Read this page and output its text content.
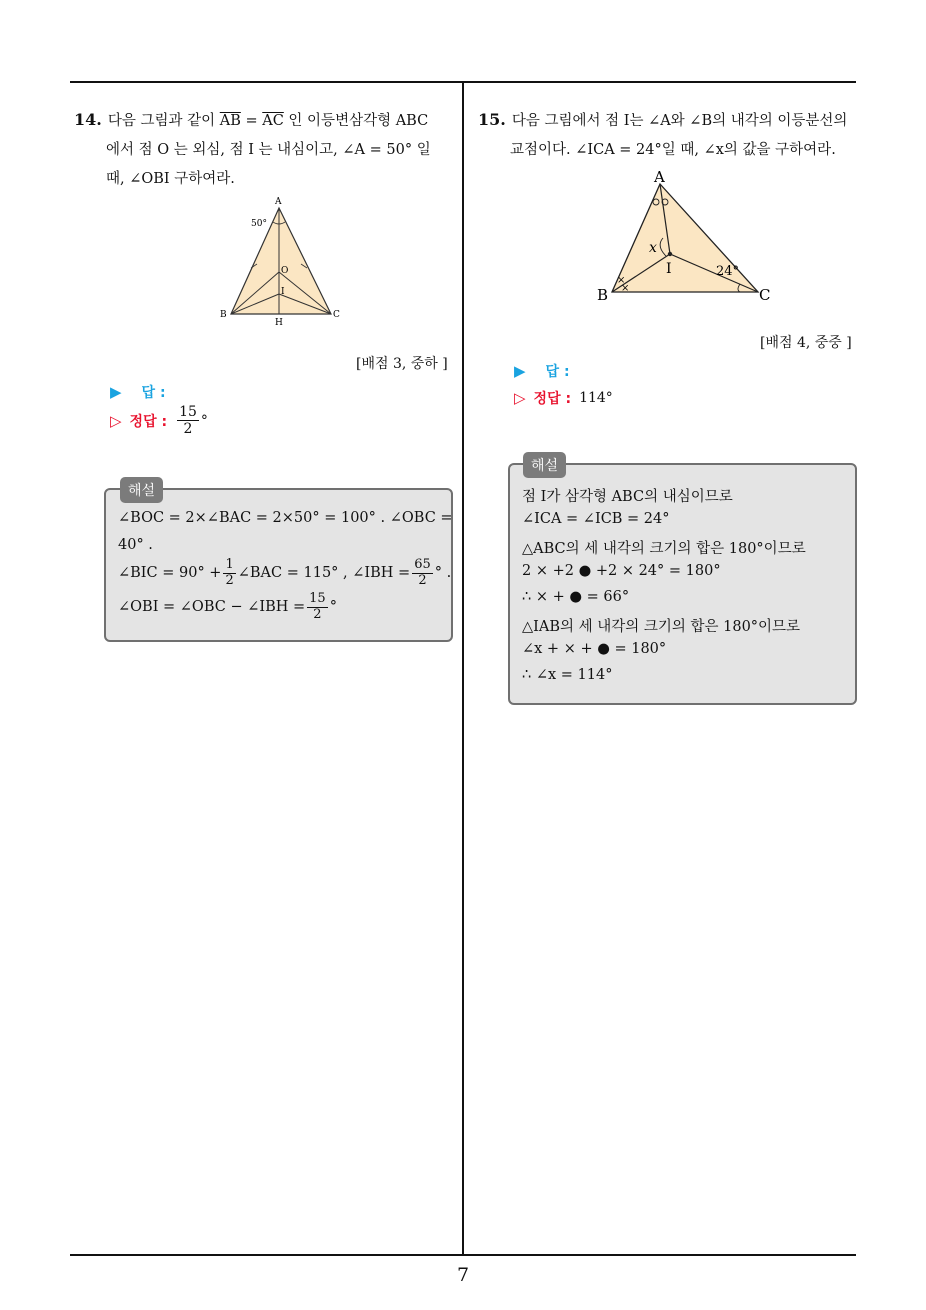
14. 다음 그림과 같이 $\overline{AB} = \overline{AC}$ 인 이등변삼각형 ABC
에서 점 O 는 외심, 점 I 는 내심이고, ∠A = 50° 일
때, ∠OBI 구하여라.
A
B	C
O
I
H
50°
[배점 3, 중하 ]
▶ 답 :
▷ 정답 : $\frac{15}{2}$ °
∠BOC = 2×∠BAC = 2×50° = 100° . ∠OBC =
40° .
∠BIC = $90^\circ + \frac{1}{2}$ ∠BAC = 115° , ∠IBH = $\frac{65}{2}$ ° .
∠OBI = ∠OBC − ∠IBH = $\frac{15}{2}$ °
해설
15. 다음 그림에서 점 I는 ∠A와 ∠B의 내각의 이등분선의
교점이다. ∠ICA = 24°일 때, ∠x의 값을 구하여라.
×
×
A
B	C
I
x
24°
[배점 4, 중중 ]
▶ 답 :
▷ 정답 : 114°
점 I가 삼각형 ABC의 내심이므로
∠ICA = ∠ICB = 24°
△ABC의 세 내각의 크기의 합은 180°이므로
2 × +2 ● +2 × 24° = 180°
∴ × + ● = 66°
△IAB의 세 내각의 크기의 합은 180°이므로
∠x + × + ● = 180°
∴ ∠x = 114°
해설
7
